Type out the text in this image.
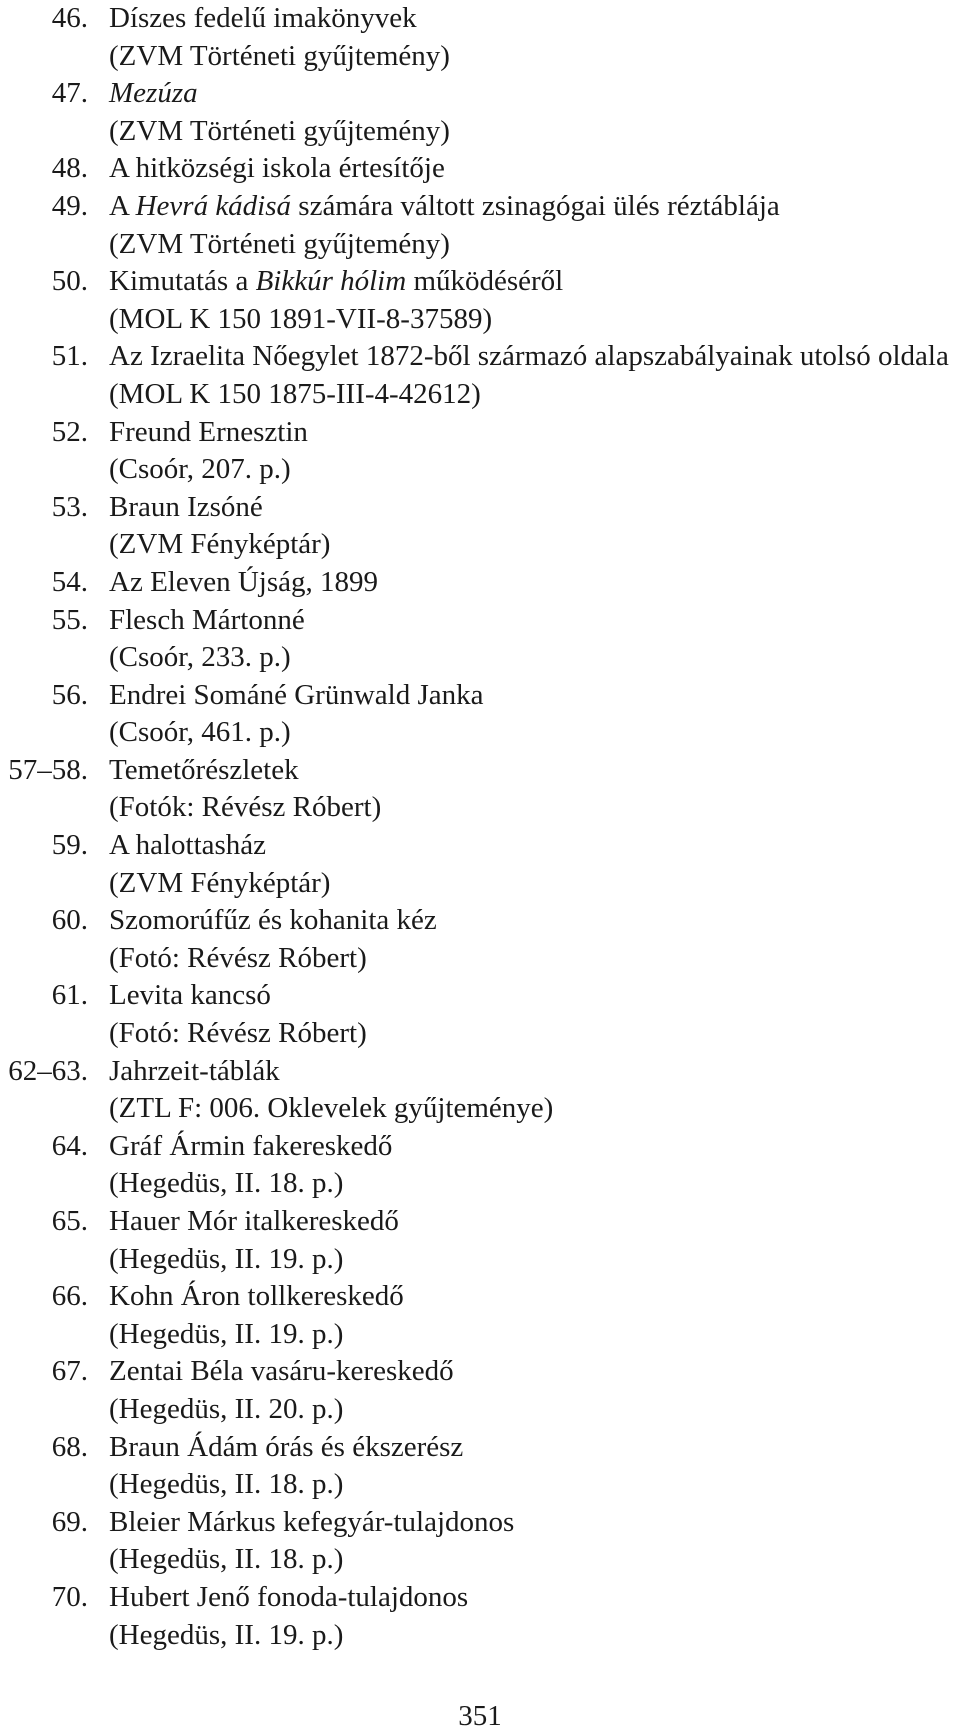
46. Díszes fedelű imakönyvek
(ZVM Történeti gyűjtemény)
47. Mezúza
(ZVM Történeti gyűjtemény)
48. A hitközségi iskola értesítője
49. A Hevrá kádisá számára váltott zsinagógai ülés réztáblája
(ZVM Történeti gyűjtemény)
50. Kimutatás a Bikkúr hólim működéséről
(MOL K 150 1891-VII-8-37589)
51. Az Izraelita Nőegylet 1872-ből származó alapszabályainak utolsó oldala
(MOL K 150 1875-III-4-42612)
52. Freund Ernesztin
(Csoór, 207. p.)
53. Braun Izsóné
(ZVM Fényképtár)
54. Az Eleven Újság, 1899
55. Flesch Mártonné
(Csoór, 233. p.)
56. Endrei Sománé Grünwald Janka
(Csoór, 461. p.)
57–58. Temetőrészletek
(Fotók: Révész Róbert)
59. A halottasház
(ZVM Fényképtár)
60. Szomorúfűz és kohanita kéz
(Fotó: Révész Róbert)
61. Levita kancsó
(Fotó: Révész Róbert)
62–63. Jahrzeit-táblák
(ZTL F: 006. Oklevelek gyűjteménye)
64. Gráf Ármin fakereskedő
(Hegedüs, II. 18. p.)
65. Hauer Mór italkereskedő
(Hegedüs, II. 19. p.)
66. Kohn Áron tollkereskedő
(Hegedüs, II. 19. p.)
67. Zentai Béla vasáru-kereskedő
(Hegedüs, II. 20. p.)
68. Braun Ádám órás és ékszerész
(Hegedüs, II. 18. p.)
69. Bleier Márkus kefegyár-tulajdonos
(Hegedüs, II. 18. p.)
70. Hubert Jenő fonoda-tulajdonos
(Hegedüs, II. 19. p.)
351
